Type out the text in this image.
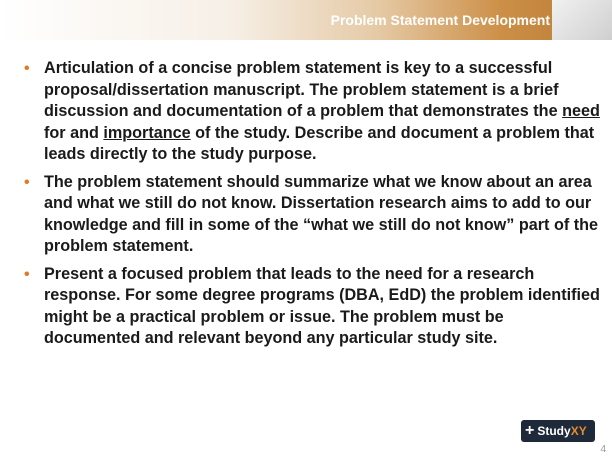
Problem Statement Development
• Articulation of a concise problem statement is key to a successful proposal/dissertation manuscript. The problem statement is a brief discussion and documentation of a problem that demonstrates the need for and importance of the study. Describe and document a problem that leads directly to the study purpose.
• The problem statement should summarize what we know about an area and what we still do not know. Dissertation research aims to add to our knowledge and fill in some of the “what we still do not know” part of the problem statement.
• Present a focused problem that leads to the need for a research response. For some degree programs (DBA, EdD) the problem identified might be a practical problem or issue. The problem must be documented and relevant beyond any particular study site.
+ Study XY
4
